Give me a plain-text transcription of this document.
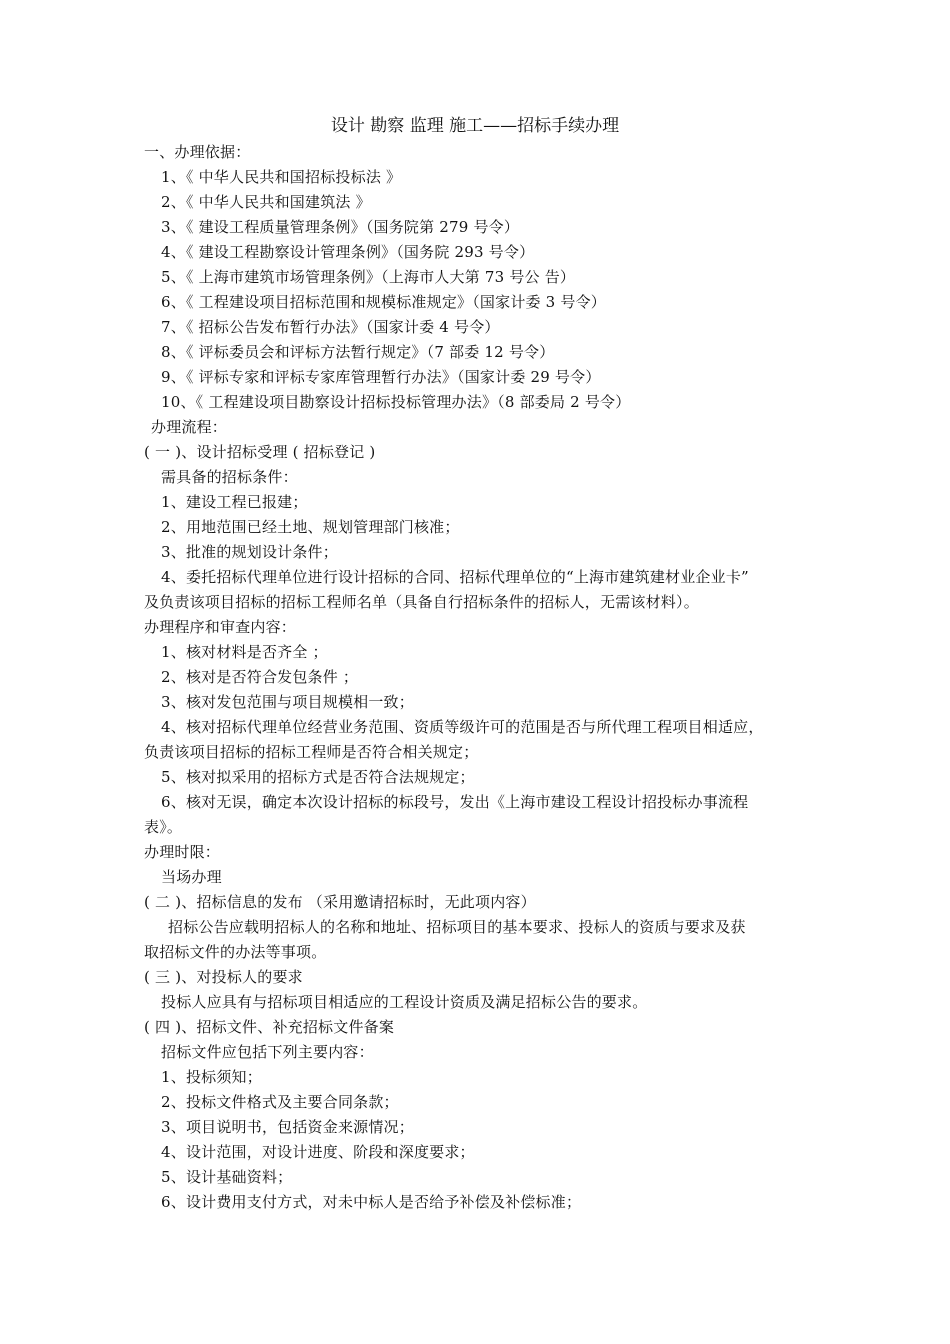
设计 勘察 监理 施工——招标手续办理
一、办理依据：
1、《 中华人民共和国招标投标法 》
2、《 中华人民共和国建筑法 》
3、《 建设工程质量管理条例》（国务院第 279 号令）
4、《 建设工程勘察设计管理条例》（国务院 293 号令）
5、《 上海市建筑市场管理条例》（上海市人大第 73 号公 告）
6、《 工程建设项目招标范围和规模标准规定》（国家计委 3 号令）
7、《 招标公告发布暂行办法》（国家计委 4 号令）
8、《 评标委员会和评标方法暂行规定》（7 部委 12 号令）
9、《 评标专家和评标专家库管理暂行办法》（国家计委 29 号令）
10、《 工程建设项目勘察设计招标投标管理办法》（8 部委局 2 号令）
办理流程：
( 一 )、设计招标受理 ( 招标登记 )
需具备的招标条件：
1、建设工程已报建；
2、用地范围已经土地、规划管理部门核准；
3、批准的规划设计条件；
4、委托招标代理单位进行设计招标的合同、招标代理单位的“上海市建筑建材业企业卡”
及负责该项目招标的招标工程师名单（具备自行招标条件的招标人，无需该材料）。
办理程序和审查内容：
1、核对材料是否齐全 ；
2、核对是否符合发包条件 ；
3、核对发包范围与项目规模相一致；
4、核对招标代理单位经营业务范围、资质等级许可的范围是否与所代理工程项目相适应，
负责该项目招标的招标工程师是否符合相关规定；
5、核对拟采用的招标方式是否符合法规规定；
6、核对无误，确定本次设计招标的标段号，发出《上海市建设工程设计招投标办事流程
表》。
办理时限：
当场办理
( 二 )、招标信息的发布 （采用邀请招标时，无此项内容）
招标公告应载明招标人的名称和地址、招标项目的基本要求、投标人的资质与要求及获
取招标文件的办法等事项。
( 三 )、对投标人的要求
投标人应具有与招标项目相适应的工程设计资质及满足招标公告的要求。
( 四 )、招标文件、补充招标文件备案
招标文件应包括下列主要内容：
1、投标须知；
2、投标文件格式及主要合同条款；
3、项目说明书，包括资金来源情况；
4、设计范围，对设计进度、阶段和深度要求；
5、设计基础资料；
6、设计费用支付方式，对未中标人是否给予补偿及补偿标准；
